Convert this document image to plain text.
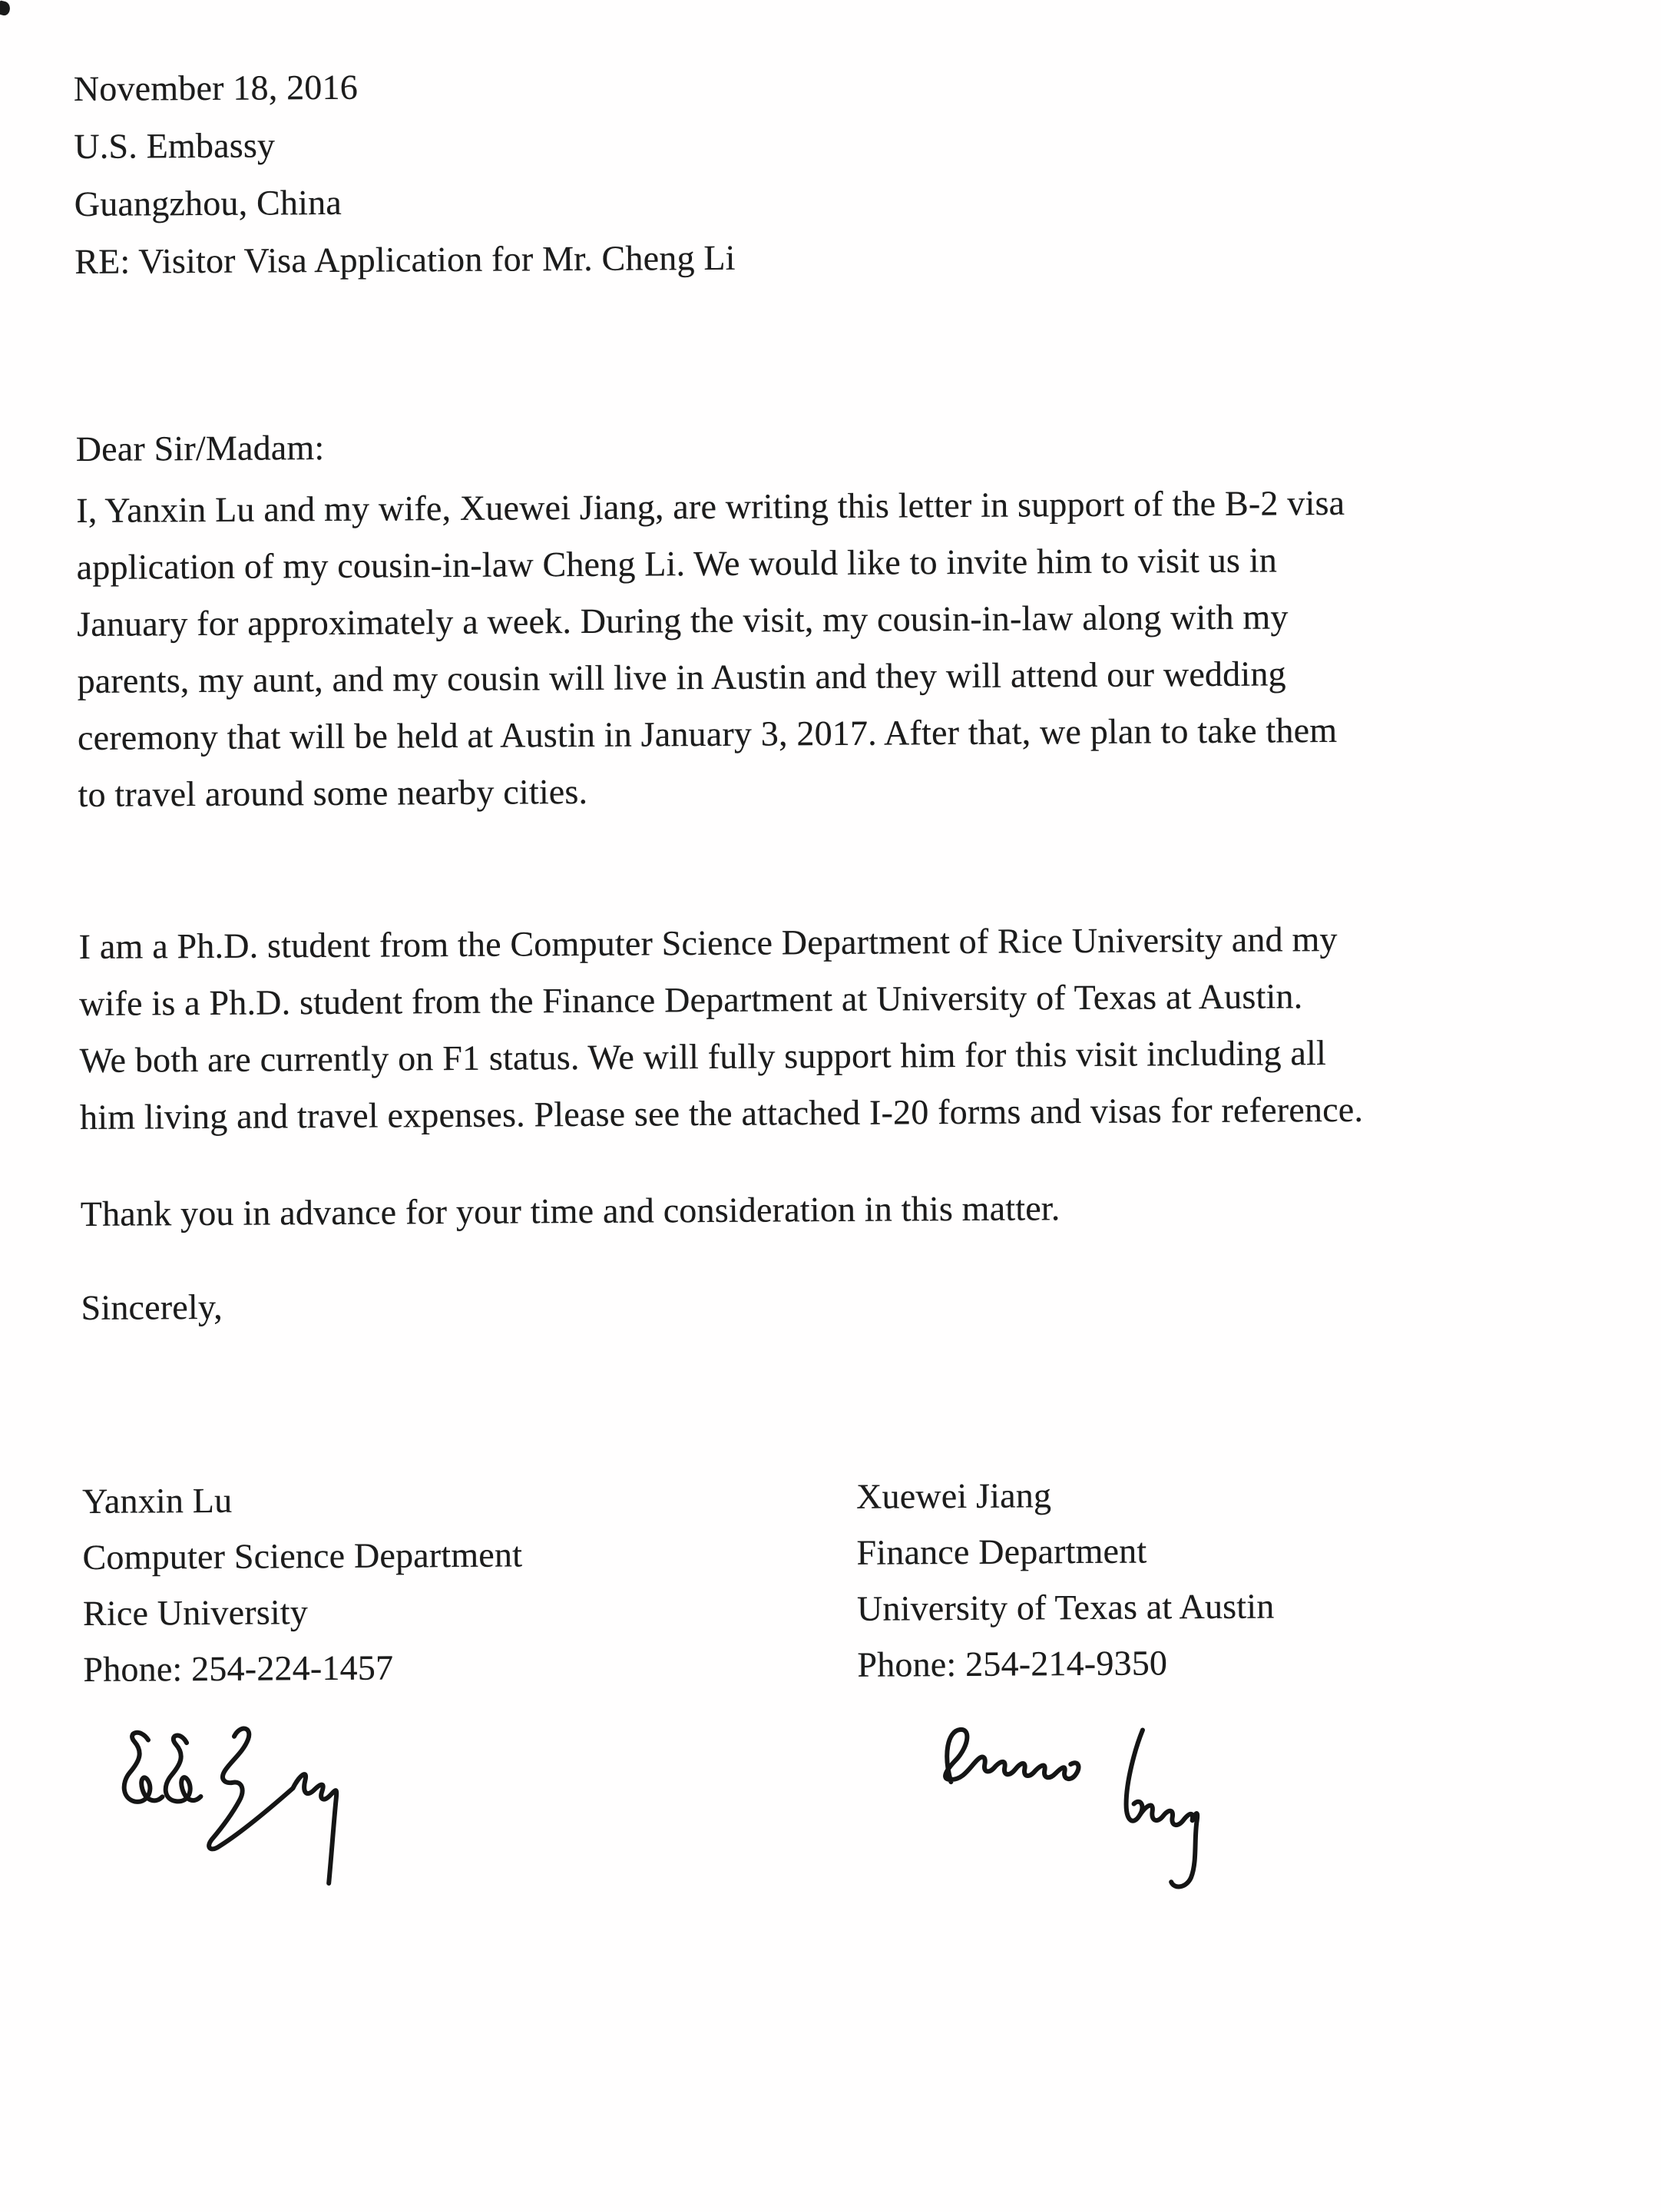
November 18, 2016
U.S. Embassy
Guangzhou, China
RE: Visitor Visa Application for Mr. Cheng Li
Dear Sir/Madam:
I, Yanxin Lu and my wife, Xuewei Jiang, are writing this letter in support of the B-2 visa
application of my cousin-in-law Cheng Li. We would like to invite him to visit us in
January for approximately a week. During the visit, my cousin-in-law along with my
parents, my aunt, and my cousin will live in Austin and they will attend our wedding
ceremony that will be held at Austin in January 3, 2017. After that, we plan to take them
to travel around some nearby cities.
I am a Ph.D. student from the Computer Science Department of Rice University and my
wife is a Ph.D. student from the Finance Department at University of Texas at Austin.
We both are currently on F1 status. We will fully support him for this visit including all
him living and travel expenses. Please see the attached I-20 forms and visas for reference.
Thank you in advance for your time and consideration in this matter.
Sincerely,
Yanxin Lu
Computer Science Department
Rice University
Phone: 254-224-1457
Xuewei Jiang
Finance Department
University of Texas at Austin
Phone: 254-214-9350
